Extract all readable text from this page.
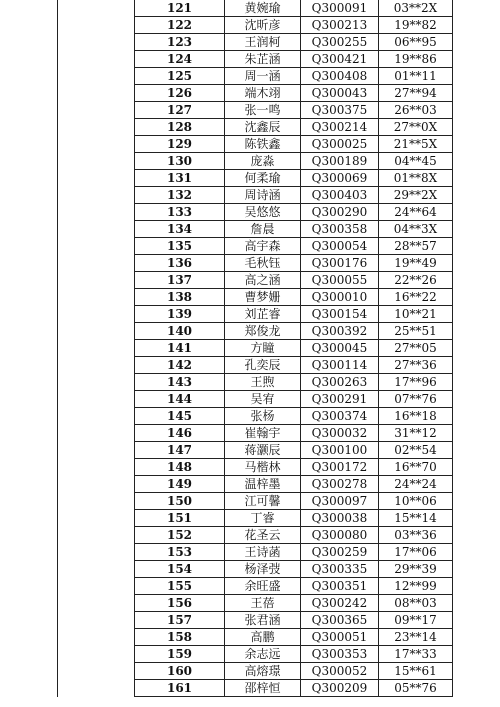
	121	黄婉瑜	Q300091	03**2X
	122	沈昕彦	Q300213	19**82
	123	王润柯	Q300255	06**95
	124	朱芷涵	Q300421	19**86
	125	周一涵	Q300408	01**11
	126	端木翊	Q300043	27**94
	127	张一鸣	Q300375	26**03
	128	沈鑫辰	Q300214	27**0X
	129	陈铁鑫	Q300025	21**5X
	130	庞淼	Q300189	04**45
	131	何柔瑜	Q300069	01**8X
	132	周诗涵	Q300403	29**2X
	133	吴悠悠	Q300290	24**64
	134	詹晨	Q300358	04**3X
	135	高宇森	Q300054	28**57
	136	毛秋钰	Q300176	19**49
	137	高之涵	Q300055	22**26
	138	曹梦姗	Q300010	16**22
	139	刘芷睿	Q300154	10**21
	140	郑俊龙	Q300392	25**51
	141	方瞳	Q300045	27**05
	142	孔奕辰	Q300114	27**36
	143	王煦	Q300263	17**96
	144	吴宥	Q300291	07**76
	145	张杨	Q300374	16**18
	146	崔翰宇	Q300032	31**12
	147	蒋灏辰	Q300100	02**54
	148	马楷林	Q300172	16**70
	149	温梓墨	Q300278	24**24
	150	江可馨	Q300097	10**06
	151	丁睿	Q300038	15**14
	152	花圣云	Q300080	03**36
	153	王诗菡	Q300259	17**06
	154	杨泽弢	Q300335	29**39
	155	余旺盛	Q300351	12**99
	156	王蓓	Q300242	08**03
	157	张君涵	Q300365	09**17
	158	高鹏	Q300051	23**14
	159	余志远	Q300353	17**33
	160	高熔璟	Q300052	15**61
	161	邵梓恒	Q300209	05**76
